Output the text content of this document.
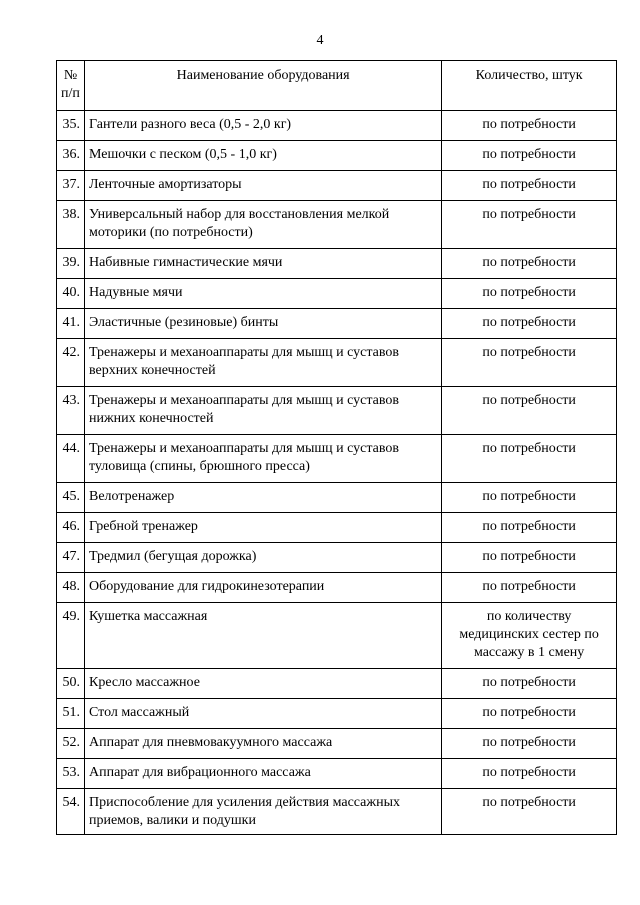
4
№
п/п	Наименование оборудования	Количество, штук
35.	Гантели разного веса (0,5 - 2,0 кг)	по потребности
36.	Мешочки с песком (0,5 - 1,0 кг)	по потребности
37.	Ленточные амортизаторы	по потребности
38.	Универсальный набор для восстановления мелкой моторики (по потребности)	по потребности
39.	Набивные гимнастические мячи	по потребности
40.	Надувные мячи	по потребности
41.	Эластичные (резиновые) бинты	по потребности
42.	Тренажеры и механоаппараты для мышц и суставов верхних конечностей	по потребности
43.	Тренажеры и механоаппараты для мышц и суставов нижних конечностей	по потребности
44.	Тренажеры и механоаппараты для мышц и суставов туловища (спины, брюшного пресса)	по потребности
45.	Велотренажер	по потребности
46.	Гребной тренажер	по потребности
47.	Тредмил (бегущая дорожка)	по потребности
48.	Оборудование для гидрокинезотерапии	по потребности
49.	Кушетка массажная	по количеству медицинских сестер по массажу в 1 смену
50.	Кресло массажное	по потребности
51.	Стол массажный	по потребности
52.	Аппарат для пневмовакуумного массажа	по потребности
53.	Аппарат для вибрационного массажа	по потребности
54.	Приспособление для усиления действия массажных приемов, валики и подушки	по потребности
